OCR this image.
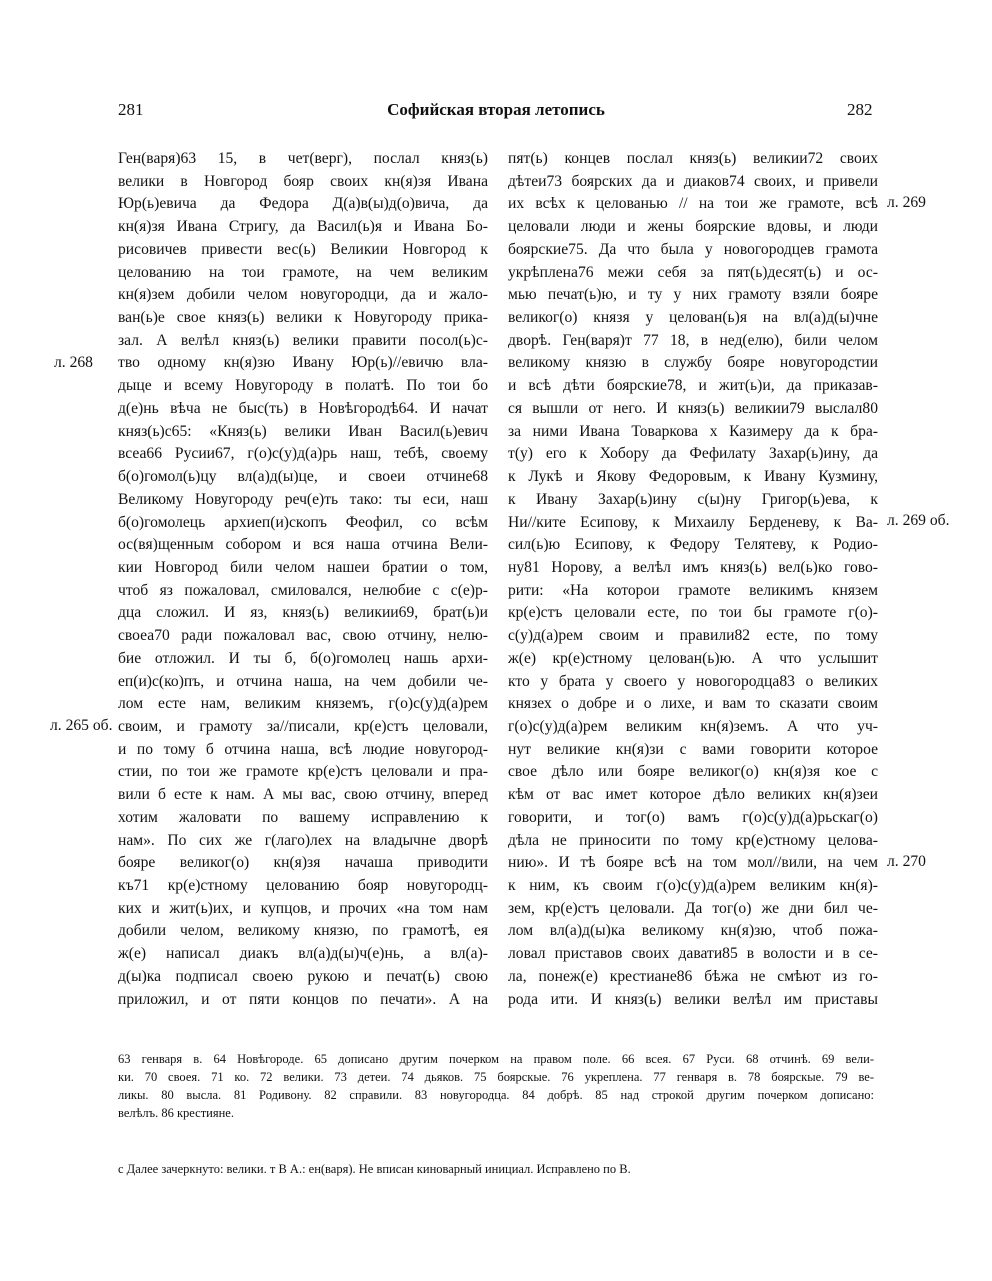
281	Софийская вторая летопись	282
Ген(варя)63 15, в чет(верг), послал княз(ь)
велики в Новгород бояр своих кн(я)зя Ивана
Юр(ь)евича да Федора Д(а)в(ы)д(о)вича, да
кн(я)зя Ивана Стригу, да Васил(ь)я и Ивана Бо-
рисовичев привести вес(ь) Великии Новгород к
целованию на тои грамоте, на чем великим
кн(я)зем добили челом новугородци, да и жало-
ван(ь)е свое княз(ь) велики к Новугороду прика-
зал. А велѣл княз(ь) велики правити посол(ь)с-
тво одному кн(я)зю Ивану Юр(ь)//евичю вла-
дыце и всему Новугороду в полатѣ. По тои бо
д(е)нь вѣча не быс(ть) в Новѣгородѣ64. И начат
княз(ь)с65: «Княз(ь) велики Иван Васил(ь)евич
всеа66 Русии67, г(о)с(у)д(а)рь наш, тебѣ, своему
б(о)гомол(ь)цу вл(а)д(ы)це, и своеи отчине68
Великому Новугороду реч(е)ть тако: ты еси, наш
б(о)гомолець архиеп(и)скопъ Феофил, со всѣм
ос(вя)щенным собором и вся наша отчина Вели-
кии Новгород били челом нашеи братии о том,
чтоб яз пожаловал, смиловался, нелюбие с с(е)р-
дца сложил. И яз, княз(ь) великии69, брат(ь)и
своеа70 ради пожаловал вас, свою отчину, нелю-
бие отложил. И ты б, б(о)гомолец нашь архи-
еп(и)с(ко)пъ, и отчина наша, на чем добили че-
лом есте нам, великим княземъ, г(о)с(у)д(а)рем
своим, и грамоту за//писали, кр(е)стъ целовали,
и по тому б отчина наша, вcѣ людие новугород-
стии, по тои же грамоте кр(е)стъ целовали и пра-
вили б есте к нам. А мы вас, свою отчину, вперед
хотим жаловати по вашему исправлению к
нам». По сих же г(лаго)лех на владычне дворѣ
бояре великог(о) кн(я)зя начаша приводити
къ71 кр(е)стному целованию бояр новугородц-
ких и жит(ь)их, и купцов, и прочих «на том нам
добили челом, великому князю, по грамотѣ, ея
ж(е) написал диакъ вл(а)д(ы)ч(е)нь, а вл(а)-
д(ы)ка подписал своею рукою и печат(ь) свою
приложил, и от пяти концов по печати». А на
пят(ь) концев послал княз(ь) великии72 своих
дѣтеи73 боярских да и диаков74 своих, и привели
их всѣх к целованью // на тои же грамоте, всѣ
целовали люди и жены боярские вдовы, и люди
боярские75. Да что была у новогородцев грамота
укрѣплена76 межи себя за пят(ь)десят(ь) и ос-
мью печат(ь)ю, и ту у них грамоту взяли бояре
великог(о) князя у целован(ь)я на вл(а)д(ы)чне
дворѣ. Ген(варя)т 77 18, в нед(елю), били челом
великому князю в службу бояре новугородстии
и всѣ дѣти боярские78, и жит(ь)и, да приказав-
ся вышли от него. И княз(ь) великии79 выслал80
за ними Ивана Товаркова х Казимеру да к бра-
т(у) его к Хобору да Фефилату Захар(ь)ину, да
к Лукѣ и Якову Федоровым, к Ивану Кузмину,
к Ивану Захар(ь)ину с(ы)ну Григор(ь)ева, к
Ни//ките Есипову, к Михаилу Берденеву, к Ва-
сил(ь)ю Есипову, к Федору Телятеву, к Родио-
ну81 Норову, а велѣл имъ княз(ь) вел(ь)ко гово-
рити: «На которои грамоте великимъ князем
кр(е)стъ целовали есте, по тои бы грамоте г(о)-
с(у)д(а)рем своим и правили82 есте, по тому
ж(е) кр(е)стному целован(ь)ю. А что услышит
кто у брата у своего у новогородца83 о великих
князех о добре и о лихе, и вам то сказати своим
г(о)с(у)д(а)рем великим кн(я)земъ. А что уч-
нут великие кн(я)зи с вами говорити которое
свое дѣло или бояре великог(о) кн(я)зя кое с
кѣм от вас имет которое дѣло великих кн(я)зеи
говорити, и тог(о) вамъ г(о)с(у)д(а)рьскаг(о)
дѣла не приносити по тому кр(е)стному целова-
нию». И тѣ бояре всѣ на том мол//вили, на чем
к ним, къ своим г(о)с(у)д(а)рем великим кн(я)-
зем, кр(е)стъ целовали. Да тог(о) же дни бил че-
лом вл(а)д(ы)ка великому кн(я)зю, чтоб пожа-
ловал приставов своих давати85 в волости и в се-
ла, понеж(е) крестиане86 бѣжа не смѣют из го-
рода ити. И княз(ь) велики велѣл им приставы
л. 268
л. 265 об.
л. 269
л. 269 об.
л. 270
63 генваря в. 64 Новѣгороде. 65 дописано другим почерком на правом поле. 66 всея. 67 Руси. 68 отчинѣ. 69 вели-
ки. 70 своея. 71 ко. 72 велики. 73 детеи. 74 дьяков. 75 боярскые. 76 укреплена. 77 генваря в. 78 боярскые. 79 ве-
ликы. 80 высла. 81 Родивону. 82 справили. 83 новугородца. 84 добрѣ. 85 над строкой другим почерком дописано:
велѣлъ. 86 крестияне.
с Далее зачеркнуто: велики. т В А.: ен(варя). Не вписан киноварный инициал. Исправлено по В.
